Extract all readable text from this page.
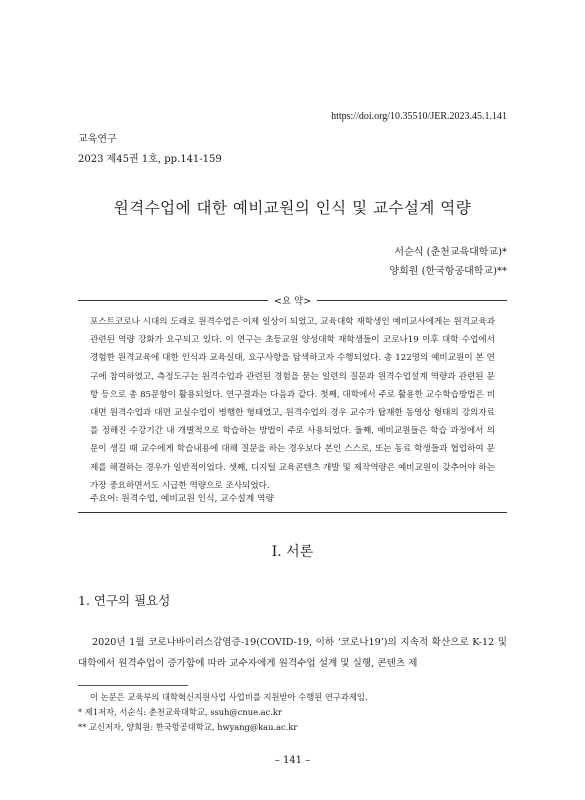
https://doi.org/10.35510/JER.2023.45.1.141
교육연구
2023 제45권 1호, pp.141-159
원격수업에 대한 예비교원의 인식 및 교수설계 역량
서순식 (춘천교육대학교)*
양희원 (한국항공대학교)**
<요 약>

포스트코로나 시대의 도래로 원격수업은 이제 일상이 되었고, 교육대학 재학생인 예비교사에게는 원격교육과 관련된 역량 강화가 요구되고 있다. 이 연구는 초등교원 양성대학 재학생들이 코로나19 이후 대학 수업에서 경험한 원격교육에 대한 인식과 교육실태, 요구사항을 탐색하고자 수행되었다. 총 122명의 예비교원이 본 연구에 참여하였고, 측정도구는 원격수업과 관련된 경험을 묻는 일련의 질문과 원격수업설계 역량과 관련된 문항 등으로 총 85문항이 활용되었다. 연구결과는 다음과 같다. 첫째, 대학에서 주로 활용한 교수학습방법은 비대면 원격수업과 대면 교실수업이 병행한 형태였고, 원격수업의 경우 교수가 탑재한 동영상 형태의 강의자료를 정해진 수강기간 내 개별적으로 학습하는 방법이 주로 사용되었다. 둘째, 예비교원들은 학습 과정에서 의문이 생길 때 교수에게 학습내용에 대해 질문을 하는 경우보다 본인 스스로, 또는 동료 학생들과 협업하여 문제를 해결하는 경우가 일반적이었다. 셋째, 디지털 교육콘텐츠 개발 및 제작역량은 예비교원이 갖추어야 하는 가장 중요하면서도 시급한 역량으로 조사되었다.

주요어: 원격수업, 예비교원 인식, 교수설계 역량
I. 서론
1. 연구의 필요성

2020년 1월 코로나바이러스감염증-19(COVID-19, 이하 ‘코로나19’)의 지속적 확산으로 K-12 및 대학에서 원격수업이 증가함에 따라 교수자에게 원격수업 설계 및 실행, 콘텐츠 제

이 논문은 교육부의 대학혁신지원사업 사업비를 지원받아 수행된 연구과제임.
* 제1저자, 서순식: 춘천교육대학교, ssuh@cnue.ac.kr
** 교신저자, 양희원: 한국항공대학교, hwyang@kau.ac.kr
– 141 –
